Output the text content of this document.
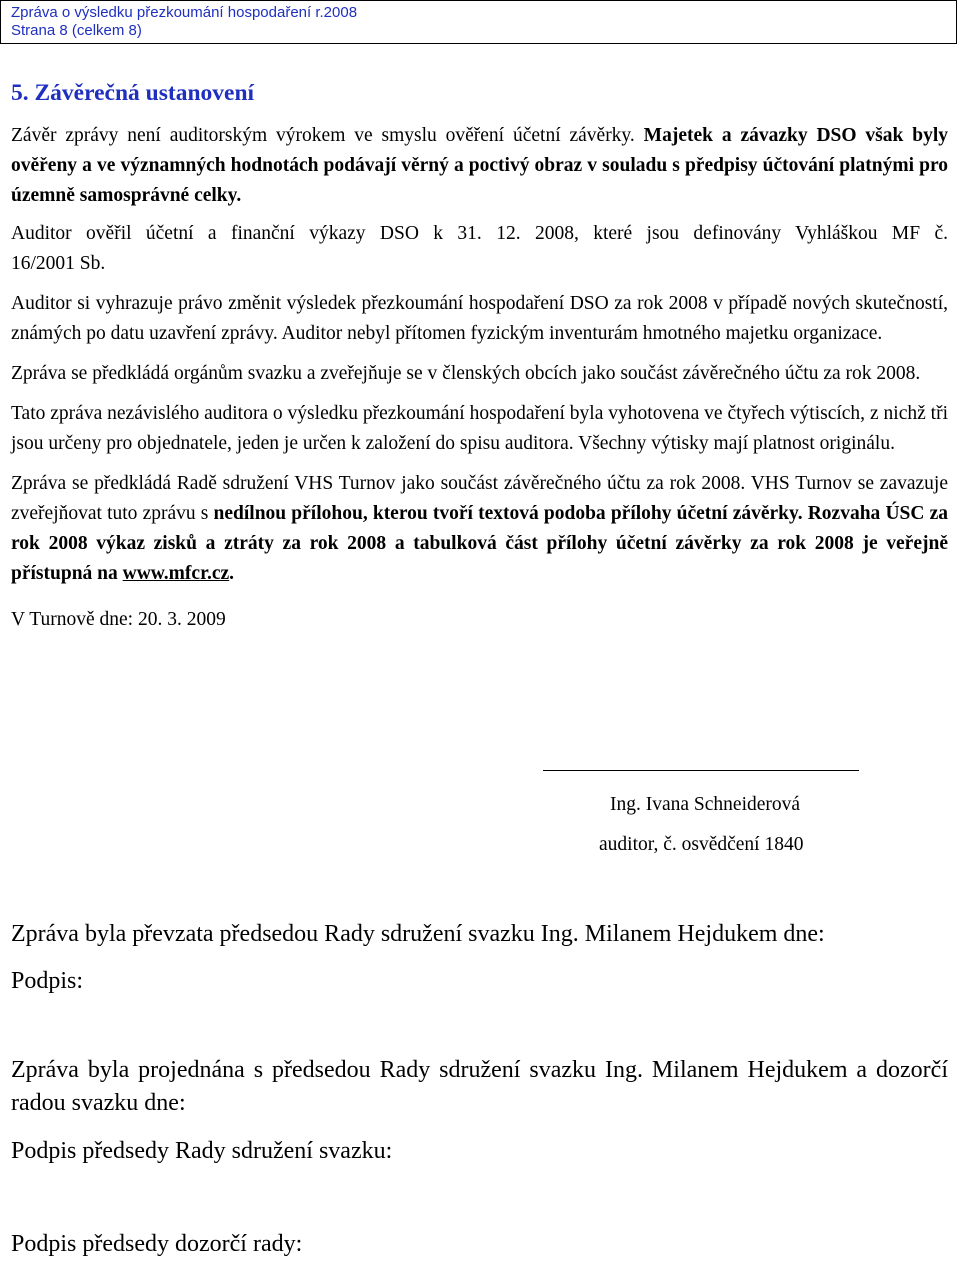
Zpráva o výsledku přezkoumání hospodaření r.2008
Strana 8 (celkem 8)
5. Závěrečná ustanovení

Závěr zprávy není auditorským výrokem ve smyslu ověření účetní závěrky. Majetek a závazky DSO však byly ověřeny a ve významných hodnotách podávají věrný a poctivý obraz v souladu s předpisy účtování platnými pro územně samosprávné celky.

Auditor ověřil účetní a finanční výkazy DSO k 31. 12. 2008, které jsou definovány Vyhláškou MF č.

16/2001 Sb.

Auditor si vyhrazuje právo změnit výsledek přezkoumání hospodaření DSO za rok 2008 v případě nových skutečností, známých po datu uzavření zprávy. Auditor nebyl přítomen fyzickým inventurám hmotného majetku organizace.

Zpráva se předkládá orgánům svazku a zveřejňuje se v členských obcích jako součást závěrečného účtu za rok 2008.

Tato zpráva nezávislého auditora o výsledku přezkoumání hospodaření byla vyhotovena ve čtyřech výtiscích, z nichž tři jsou určeny pro objednatele, jeden je určen k založení do spisu auditora. Všechny výtisky mají platnost originálu.

Zpráva se předkládá Radě sdružení VHS Turnov jako součást závěrečného účtu za rok 2008. VHS Turnov se zavazuje zveřejňovat tuto zprávu s nedílnou přílohou, kterou tvoří textová podoba přílohy účetní závěrky. Rozvaha ÚSC za rok 2008 výkaz zisků a ztráty za rok 2008 a tabulková část přílohy účetní závěrky za rok 2008 je veřejně přístupná na www.mfcr.cz.

V Turnově dne: 20. 3. 2009
Ing. Ivana Schneiderová
auditor, č. osvědčení 1840
Zpráva byla převzata předsedou Rady sdružení svazku Ing. Milanem Hejdukem dne:
Podpis:
Zpráva byla projednána s předsedou Rady sdružení svazku Ing. Milanem Hejdukem a dozorčí radou svazku dne:
Podpis předsedy Rady sdružení svazku:
Podpis předsedy dozorčí rady:
